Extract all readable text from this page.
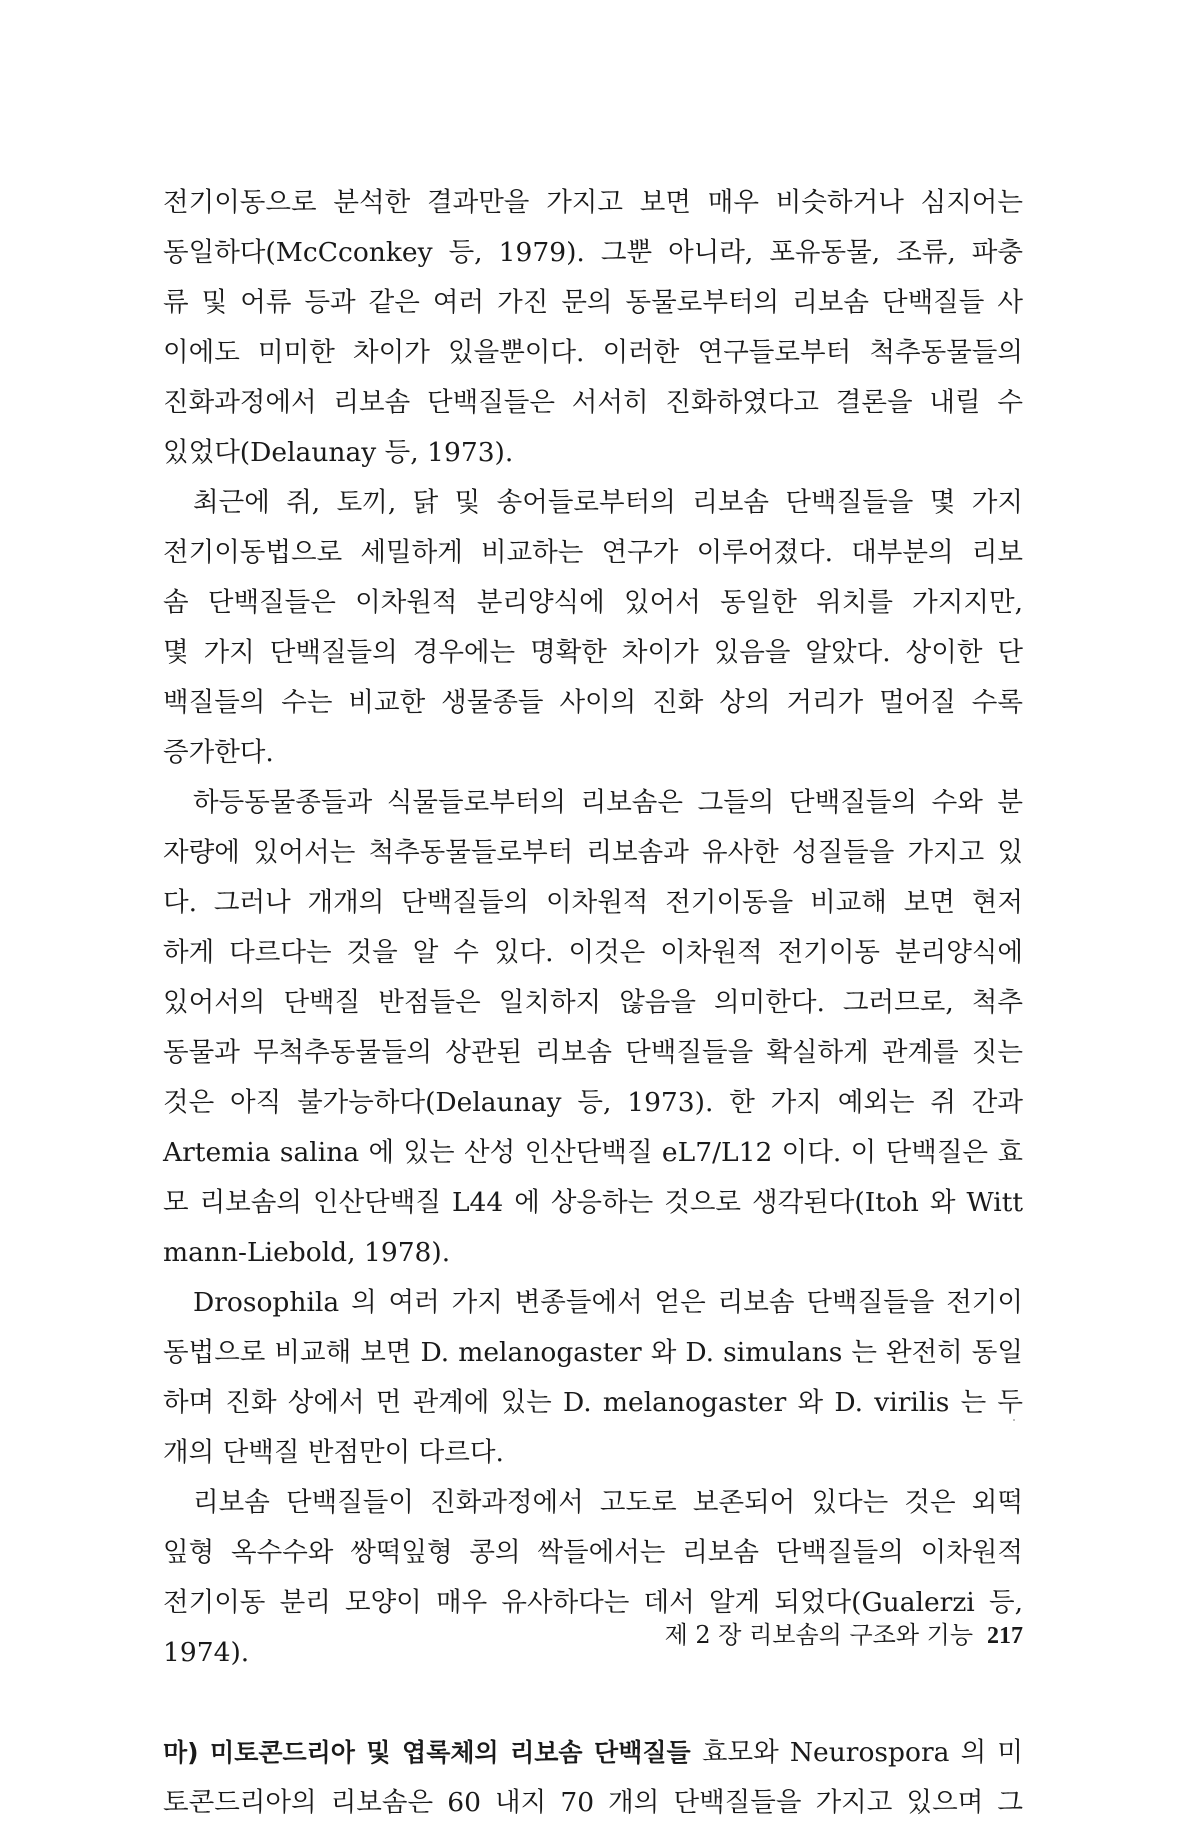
전기이동으로 분석한 결과만을 가지고 보면 매우 비슷하거나 심지어는
동일하다(McCconkey 등, 1979). 그뿐 아니라, 포유동물, 조류, 파충
류 및 어류 등과 같은 여러 가진 문의 동물로부터의 리보솜 단백질들 사
이에도 미미한 차이가 있을뿐이다. 이러한 연구들로부터 척추동물들의
진화과정에서 리보솜 단백질들은 서서히 진화하였다고 결론을 내릴 수
있었다(Delaunay 등, 1973).
최근에 쥐, 토끼, 닭 및 송어들로부터의 리보솜 단백질들을 몇 가지
전기이동법으로 세밀하게 비교하는 연구가 이루어졌다. 대부분의 리보
솜 단백질들은 이차원적 분리양식에 있어서 동일한 위치를 가지지만,
몇 가지 단백질들의 경우에는 명확한 차이가 있음을 알았다. 상이한 단
백질들의 수는 비교한 생물종들 사이의 진화 상의 거리가 멀어질 수록
증가한다.
하등동물종들과 식물들로부터의 리보솜은 그들의 단백질들의 수와 분
자량에 있어서는 척추동물들로부터 리보솜과 유사한 성질들을 가지고 있
다. 그러나 개개의 단백질들의 이차원적 전기이동을 비교해 보면 현저
하게 다르다는 것을 알 수 있다. 이것은 이차원적 전기이동 분리양식에
있어서의 단백질 반점들은 일치하지 않음을 의미한다. 그러므로, 척추
동물과 무척추동물들의 상관된 리보솜 단백질들을 확실하게 관계를 짓는
것은 아직 불가능하다(Delaunay 등, 1973). 한 가지 예외는 쥐 간과
Artemia salina 에 있는 산성 인산단백질 eL7/L12 이다. 이 단백질은 효
모 리보솜의 인산단백질 L44 에 상응하는 것으로 생각된다(Itoh 와 Witt
mann-Liebold, 1978).
Drosophila 의 여러 가지 변종들에서 얻은 리보솜 단백질들을 전기이
동법으로 비교해 보면 D. melanogaster 와 D. simulans 는 완전히 동일
하며 진화 상에서 먼 관계에 있는 D. melanogaster 와 D. virilis 는 두
개의 단백질 반점만이 다르다.
리보솜 단백질들이 진화과정에서 고도로 보존되어 있다는 것은 외떡
잎형 옥수수와 쌍떡잎형 콩의 싹들에서는 리보솜 단백질들의 이차원적
전기이동 분리 모양이 매우 유사하다는 데서 알게 되었다(Gualerzi 등,
1974).
마) 미토콘드리아 및 엽록체의 리보솜 단백질들 효모와 Neurospora 의 미
토콘드리아의 리보솜은 60 내지 70 개의 단백질들을 가지고 있으며 그
제 2 장 리보솜의 구조와 기능 217
